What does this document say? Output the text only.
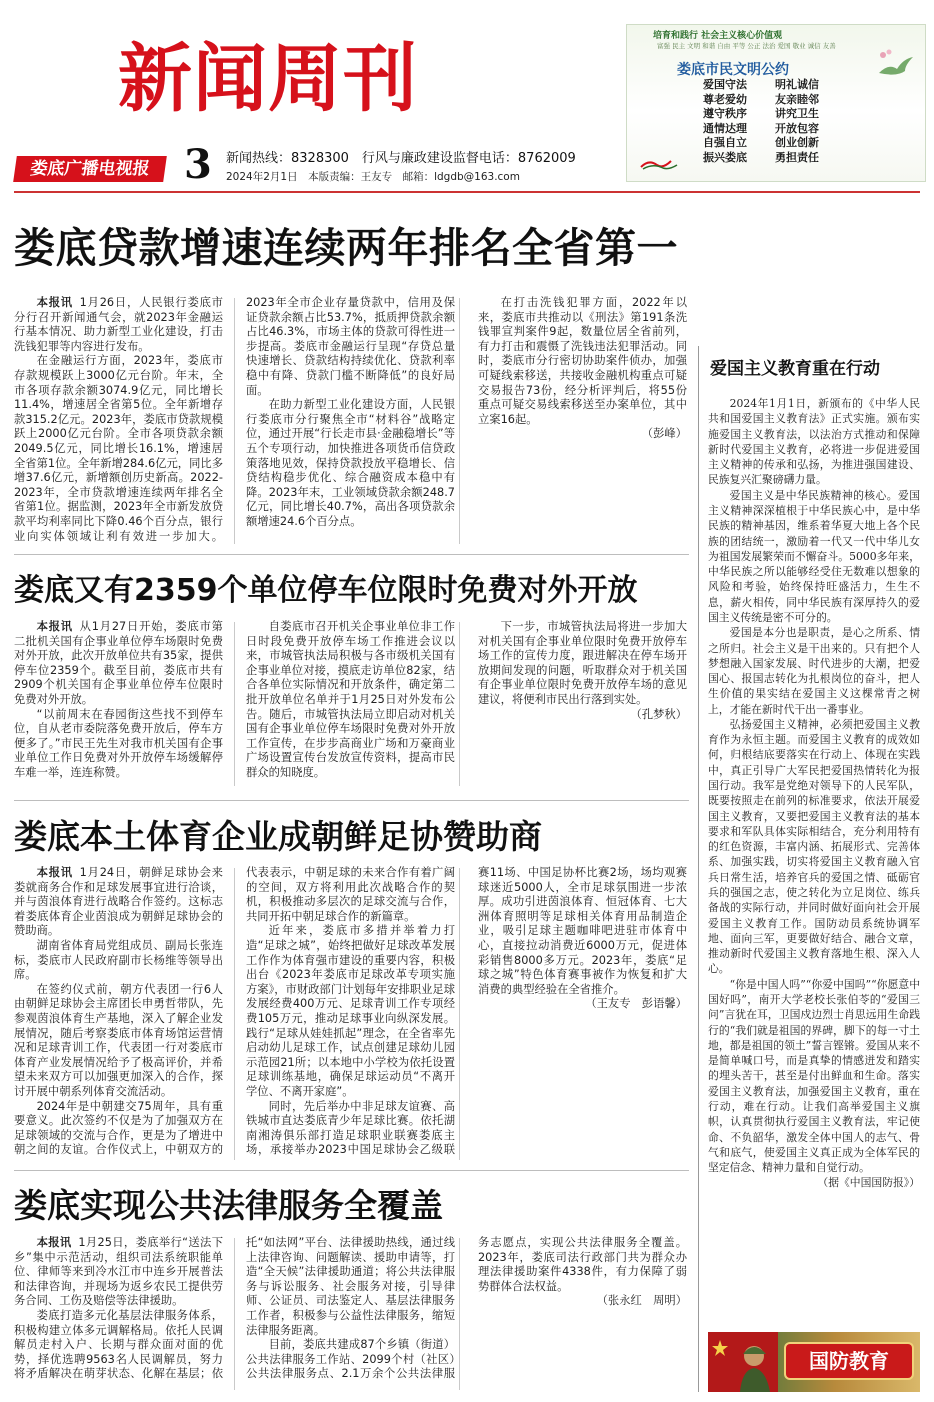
新闻周刊
娄底广播电视报 3 新闻热线：8328300　行风与廉政建设监督电话：8762009
2024年2月1日　本版责编：王友专　邮箱：ldgdb@163.com
培育和践行 社会主义核心价值观
富强 民主 文明 和谐 自由 平等 公正 法治 爱国 敬业 诚信 友善
娄底市民文明公约
爱国守法	明礼诚信
尊老爱幼	友亲睦邻
遵守秩序	讲究卫生
通情达理	开放包容
自强自立	创业创新
振兴娄底	勇担责任
娄底贷款增速连续两年排名全省第一

本报讯 1月26日，人民银行娄底市分行召开新闻通气会，就2023年金融运行基本情况、助力新型工业化建设，打击洗钱犯罪等内容进行发布。

在金融运行方面，2023年，娄底市存款规模跃上3000亿元台阶。年末，全市各项存款余额3074.9亿元，同比增长11.4%，增速居全省第5位。全年新增存款315.2亿元。2023年，娄底市贷款规模跃上2000亿元台阶。全市各项贷款余额2049.5亿元，同比增长16.1%，增速居全省第1位。全年新增284.6亿元，同比多增37.6亿元，新增额创历史新高。2022-2023年，全市贷款增速连续两年排名全省第1位。据监测，2023年全市新发放贷款平均利率同比下降0.46个百分点，银行业向实体领域让利有效进一步加大。2023年全市企业存量贷款中，信用及保证贷款余额占比53.7%，抵质押贷款余额占比46.3%，市场主体的贷款可得性进一步提高。娄底市金融运行呈现“存贷总量快速增长、贷款结构持续优化、贷款利率稳中有降、贷款门槛不断降低”的良好局面。

在助力新型工业化建设方面，人民银行娄底市分行聚焦全市“材料谷”战略定位，通过开展“行长走市县·金融稳增长”等五个专项行动，加快推进各项货币信贷政策落地见效，保持贷款投放平稳增长、信贷结构稳步优化、综合融资成本稳中有降。2023年末，工业领域贷款余额248.7亿元，同比增长40.7%，高出各项贷款余额增速24.6个百分点。

在打击洗钱犯罪方面，2022年以来，娄底市共推动以《刑法》第191条洗钱罪宣判案件9起，数量位居全省前列，有力打击和震慑了洗钱违法犯罪活动。同时，娄底市分行密切协助案件侦办，加强可疑线索移送，共接收金融机构重点可疑交易报告73份，经分析评判后，将55份重点可疑交易线索移送至办案单位，其中立案16起。

（彭峰）

娄底又有2359个单位停车位限时免费对外开放

本报讯 从1月27日开始，娄底市第二批机关国有企事业单位停车场限时免费对外开放，此次开放单位共有35家，提供停车位2359个。截至目前，娄底市共有2909个机关国有企事业单位停车位限时免费对外开放。

“以前周末在春园街这些找不到停车位，自从老市委院落免费开放后，停车方便多了。”市民王先生对我市机关国有企事业单位工作日免费对外开放停车场缓解停车难一举，连连称赞。

自娄底市召开机关企事业单位非工作日时段免费开放停车场工作推进会议以来，市城管执法局积极与各市级机关国有企事业单位对接，摸底走访单位82家，结合各单位实际情况和开放条件，确定第二批开放单位名单并于1月25日对外发布公告。随后，市城管执法局立即启动对机关国有企事业单位停车场限时免费对外开放工作宣传，在步步高商业广场和万豪商业广场设置宣传台发放宣传资料，提高市民群众的知晓度。

下一步，市城管执法局将进一步加大对机关国有企事业单位限时免费开放停车场工作的宣传力度，跟进解决在停车场开放期间发现的问题，听取群众对于机关国有企事业单位限时免费开放停车场的意见建议，将便利市民出行落到实处。

（孔梦秋）

娄底本土体育企业成朝鲜足协赞助商

本报讯 1月24日，朝鲜足球协会来娄就商务合作和足球发展事宜进行洽谈，并与茵浪体育进行战略合作签约。这标志着娄底体育企业茵浪成为朝鲜足球协会的赞助商。

湖南省体育局党组成员、副局长张连标，娄底市人民政府副市长杨维等领导出席。

在签约仪式前，朝方代表团一行6人由朝鲜足球协会主席团长申勇哲带队，先参观茵浪体育生产基地，深入了解企业发展情况，随后考察娄底市体育场馆运营情况和足球青训工作，代表团一行对娄底市体育产业发展情况给予了极高评价，并希望未来双方可以加强更加深入的合作，探讨开展中朝系列体育交流活动。

2024年是中朝建交75周年，具有重要意义。此次签约不仅是为了加强双方在足球领域的交流与合作，更是为了增进中朝之间的友谊。合作仪式上，中朝双方的代表表示，中朝足球的未来合作有着广阔的空间，双方将利用此次战略合作的契机，积极推动多层次的足球交流与合作，共同开拓中朝足球合作的新篇章。

近年来，娄底市多措并举着力打造“足球之城”，始终把做好足球改革发展工作作为体育强市建设的重要内容，积极出台《2023年娄底市足球改革专项实施方案》，市财政部门计划每年安排职业足球发展经费400万元、足球青训工作专项经费105万元，推动足球事业向纵深发展。践行“足球从娃娃抓起”理念，在全省率先启动幼儿足球工作，试点创建足球幼儿园示范园21所；以本地中小学校为依托设置足球训练基地，确保足球运动员“不离开学位、不离开家庭”。

同时，先后举办中非足球友谊赛、高铁城市直达娄底青少年足球比赛。依托湖南湘涛俱乐部打造足球职业联赛娄底主场，承接举办2023中国足球协会乙级联赛11场、中国足协杯比赛2场，场均观赛球迷近5000人，全市足球氛围进一步浓厚。成功引进茵浪体育、恒冠体育、七大洲体育照明等足球相关体育用品制造企业，吸引足球主题咖啡吧进驻市体育中心，直接拉动消费近6000万元，促进体彩销售8000多万元。2023年，娄底“足球之城”特色体育赛事被作为恢复和扩大消费的典型经验在全省推介。

（王友专　彭语馨）

娄底实现公共法律服务全覆盖

本报讯 1月25日，娄底举行“送法下乡”集中示范活动，组织司法系统职能单位、律师等来到冷水江市中连乡开展普法和法律咨询，并现场为返乡农民工提供劳务合同、工伤及赔偿等法律援助。

娄底打造多元化基层法律服务体系，积极构建立体多元调解格局。依托人民调解员走村入户、长期与群众面对面的优势，择优选聘9563名人民调解员，努力将矛盾解决在萌芽状态、化解在基层；依托“如法网”平台、法律援助热线，通过线上法律咨询、问题解读、援助申请等，打造“全天候”法律援助通道；将公共法律服务与诉讼服务、社会服务对接，引导律师、公证员、司法鉴定人、基层法律服务工作者，积极参与公益性法律服务，缩短法律服务距离。

目前，娄底共建成87个乡镇（街道）公共法律服务工作站、2099个村（社区）公共法律服务点、2.1万余个公共法律服务志愿点，实现公共法律服务全覆盖。2023年，娄底司法行政部门共为群众办理法律援助案件4338件，有力保障了弱势群体合法权益。

（张永红　周明）

爱国主义教育重在行动

2024年1月1日，新颁布的《中华人民共和国爱国主义教育法》正式实施。颁布实施爱国主义教育法，以法治方式推动和保障新时代爱国主义教育，必将进一步促进爱国主义精神的传承和弘扬，为推进强国建设、民族复兴汇聚磅礴力量。

爱国主义是中华民族精神的核心。爱国主义精神深深植根于中华民族心中，是中华民族的精神基因，维系着华夏大地上各个民族的团结统一，激励着一代又一代中华儿女为祖国发展繁荣而不懈奋斗。5000多年来，中华民族之所以能够经受住无数难以想象的风险和考验，始终保持旺盛活力，生生不息，薪火相传，同中华民族有深厚持久的爱国主义传统是密不可分的。

爱国是本分也是职责，是心之所系、情之所归。社会主义是干出来的。只有把个人梦想融入国家发展、时代进步的大潮，把爱国心、报国志转化为扎根岗位的奋斗，把人生价值的果实结在爱国主义这棵常青之树上，才能在新时代干出一番事业。

弘扬爱国主义精神，必须把爱国主义教育作为永恒主题。而爱国主义教育的成效如何，归根结底要落实在行动上、体现在实践中，真正引导广大军民把爱国热情转化为报国行动。我军是党绝对领导下的人民军队，既要按照走在前列的标准要求，依法开展爱国主义教育，又要把爱国主义教育法的基本要求和军队具体实际相结合，充分利用特有的红色资源，丰富内涵、拓展形式、完善体系、加强实践，切实将爱国主义教育融入官兵日常生活，培养官兵的爱国之情、砥砺官兵的强国之志，使之转化为立足岗位、练兵备战的实际行动，并同时做好面向社会开展爱国主义教育工作。国防动员系统协调军地、面向三军，更要做好结合、融合文章，推动新时代爱国主义教育落地生根、深入人心。

“你是中国人吗”“你爱中国吗”“你愿意中国好吗”，南开大学老校长张伯苓的“爱国三问”言犹在耳，卫国戍边烈士肖思远用生命践行的“我们就是祖国的界碑，脚下的每一寸土地，都是祖国的领土”誓言铿锵。爱国从来不是简单喊口号，而是真挚的情感迸发和踏实的埋头苦干，甚至是付出鲜血和生命。落实爱国主义教育法，加强爱国主义教育，重在行动，难在行动。让我们高举爱国主义旗帜，认真贯彻执行爱国主义教育法，牢记使命、不负韶华，激发全体中国人的志气、骨气和底气，使爱国主义真正成为全体军民的坚定信念、精神力量和自觉行动。

（据《中国国防报》）

国防教育
